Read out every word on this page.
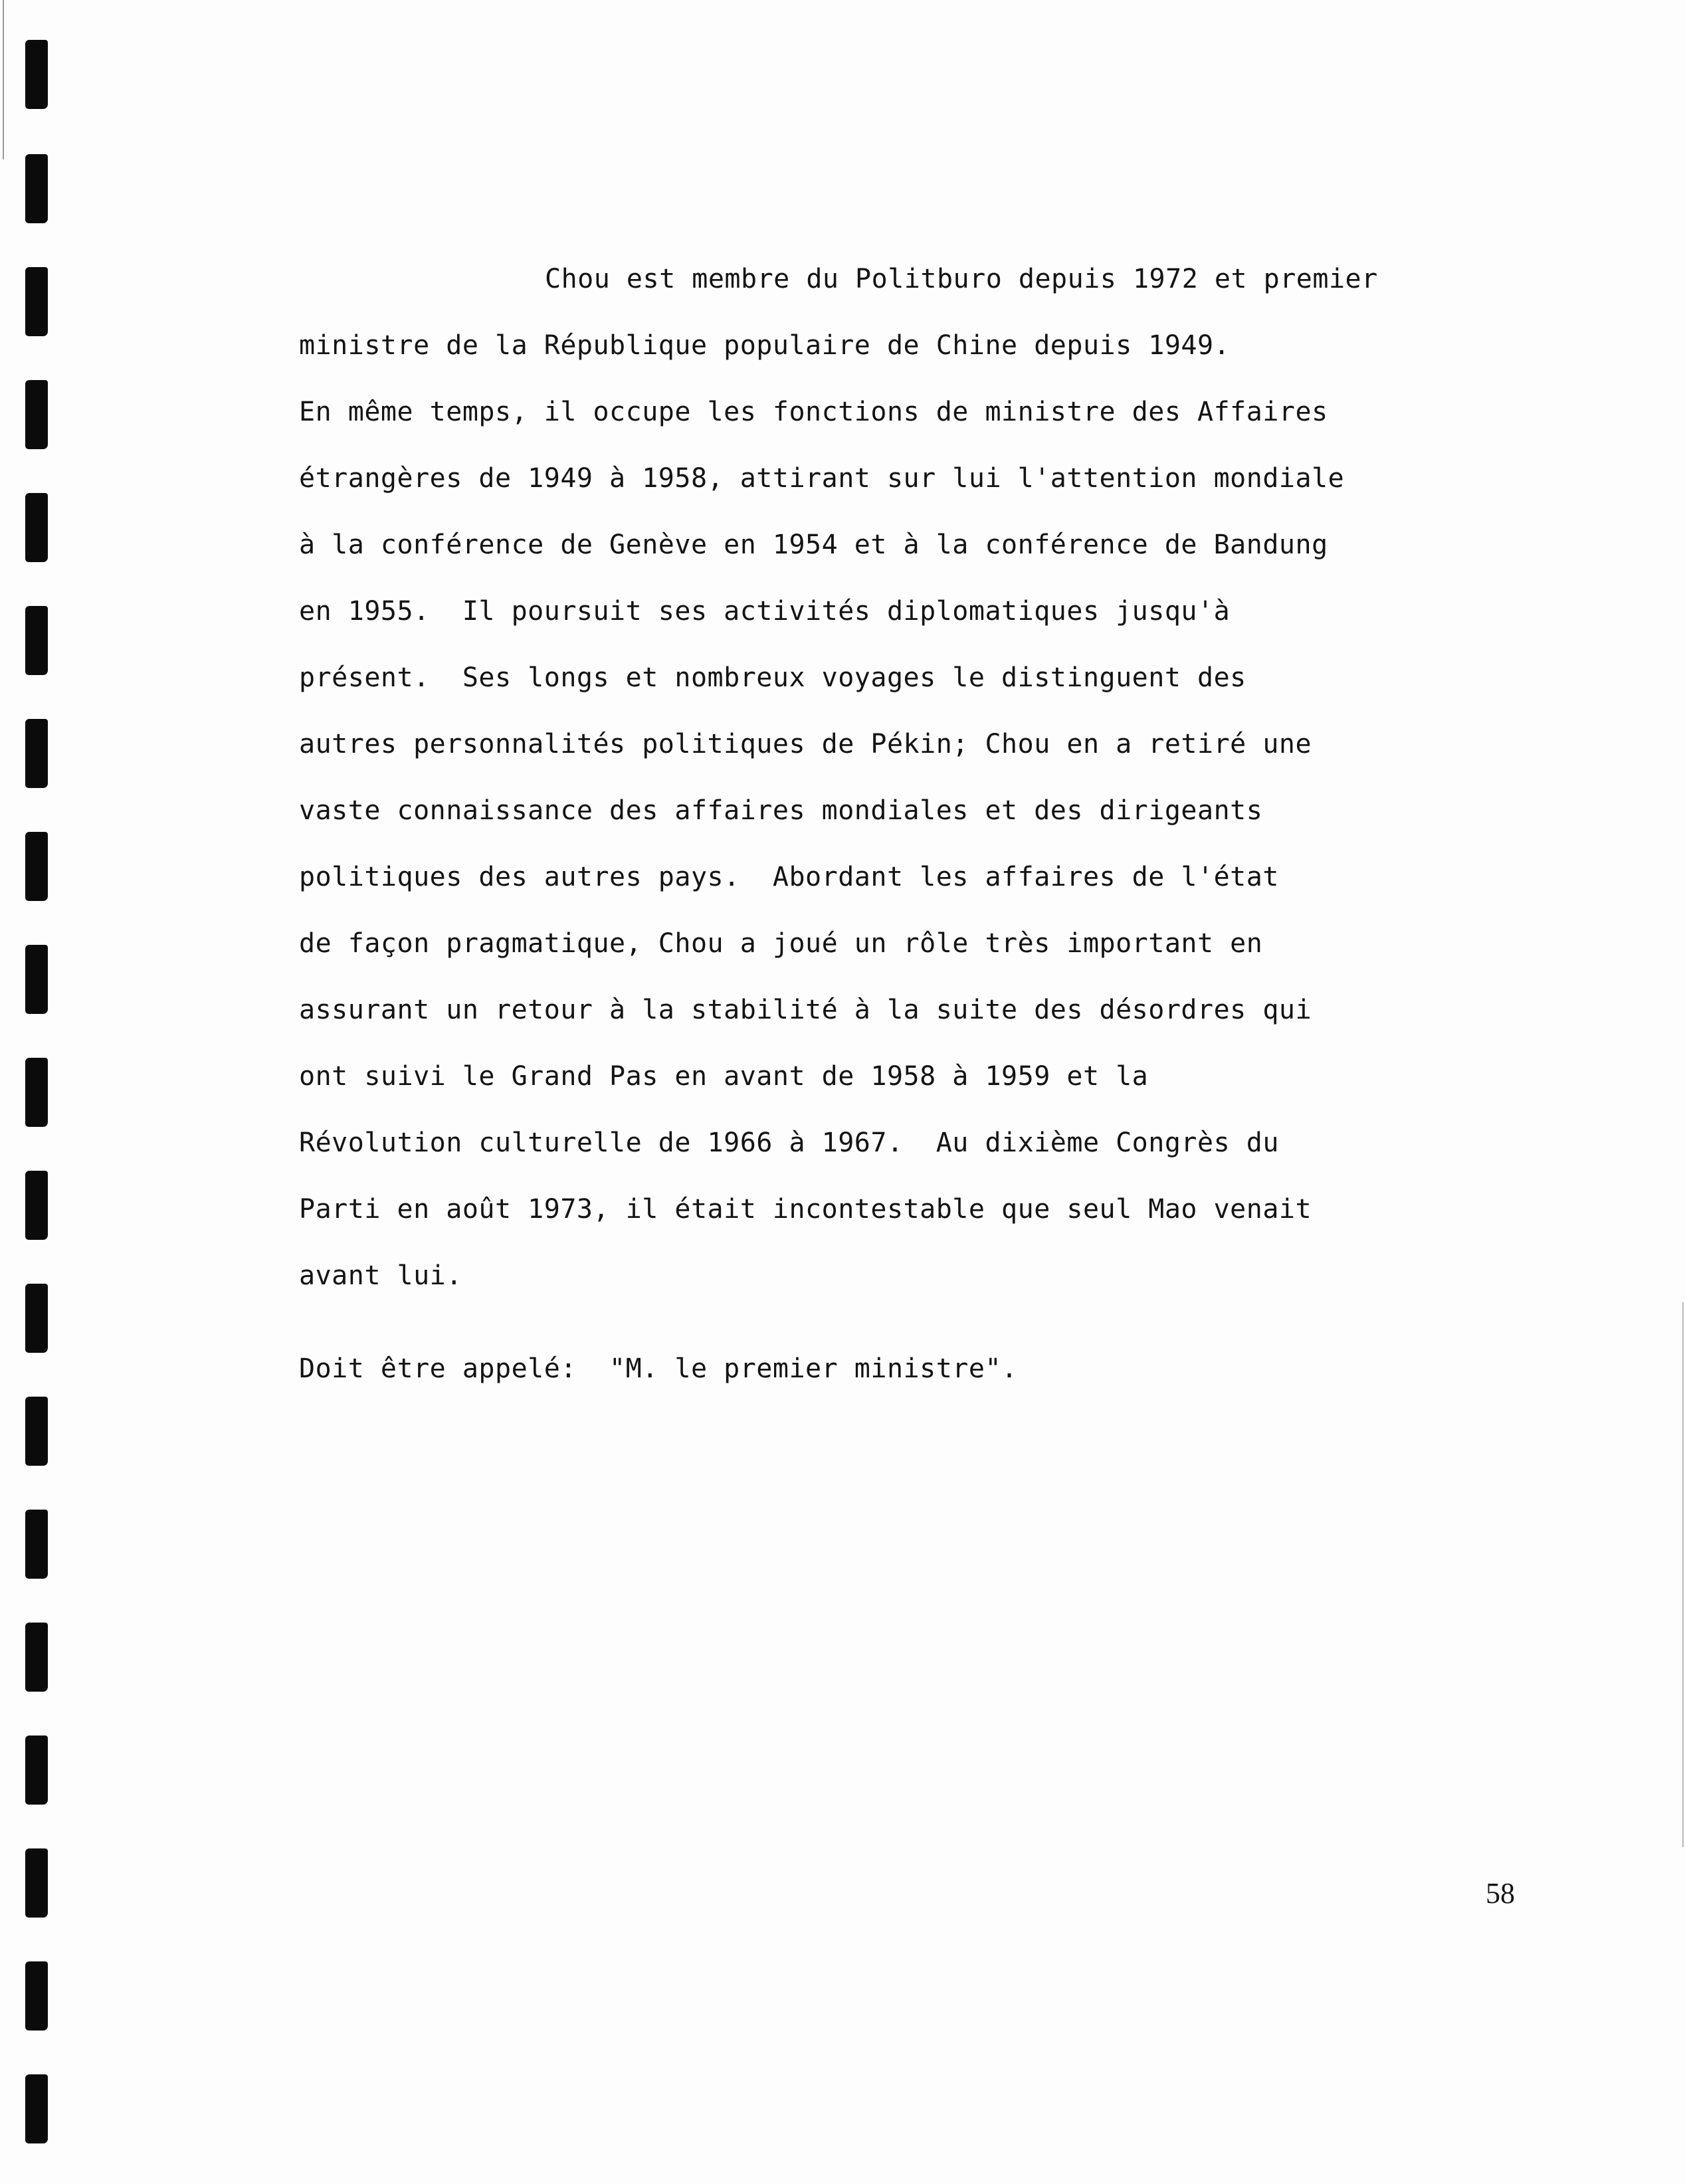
Chou est membre du Politburo depuis 1972 et premier
ministre de la République populaire de Chine depuis 1949.
En même temps, il occupe les fonctions de ministre des Affaires
étrangères de 1949 à 1958, attirant sur lui l'attention mondiale
à la conférence de Genève en 1954 et à la conférence de Bandung
en 1955.  Il poursuit ses activités diplomatiques jusqu'à
présent.  Ses longs et nombreux voyages le distinguent des
autres personnalités politiques de Pékin; Chou en a retiré une
vaste connaissance des affaires mondiales et des dirigeants
politiques des autres pays.  Abordant les affaires de l'état
de façon pragmatique, Chou a joué un rôle très important en
assurant un retour à la stabilité à la suite des désordres qui
ont suivi le Grand Pas en avant de 1958 à 1959 et la
Révolution culturelle de 1966 à 1967.  Au dixième Congrès du
Parti en août 1973, il était incontestable que seul Mao venait
avant lui.
Doit être appelé:  "M. le premier ministre".
58
